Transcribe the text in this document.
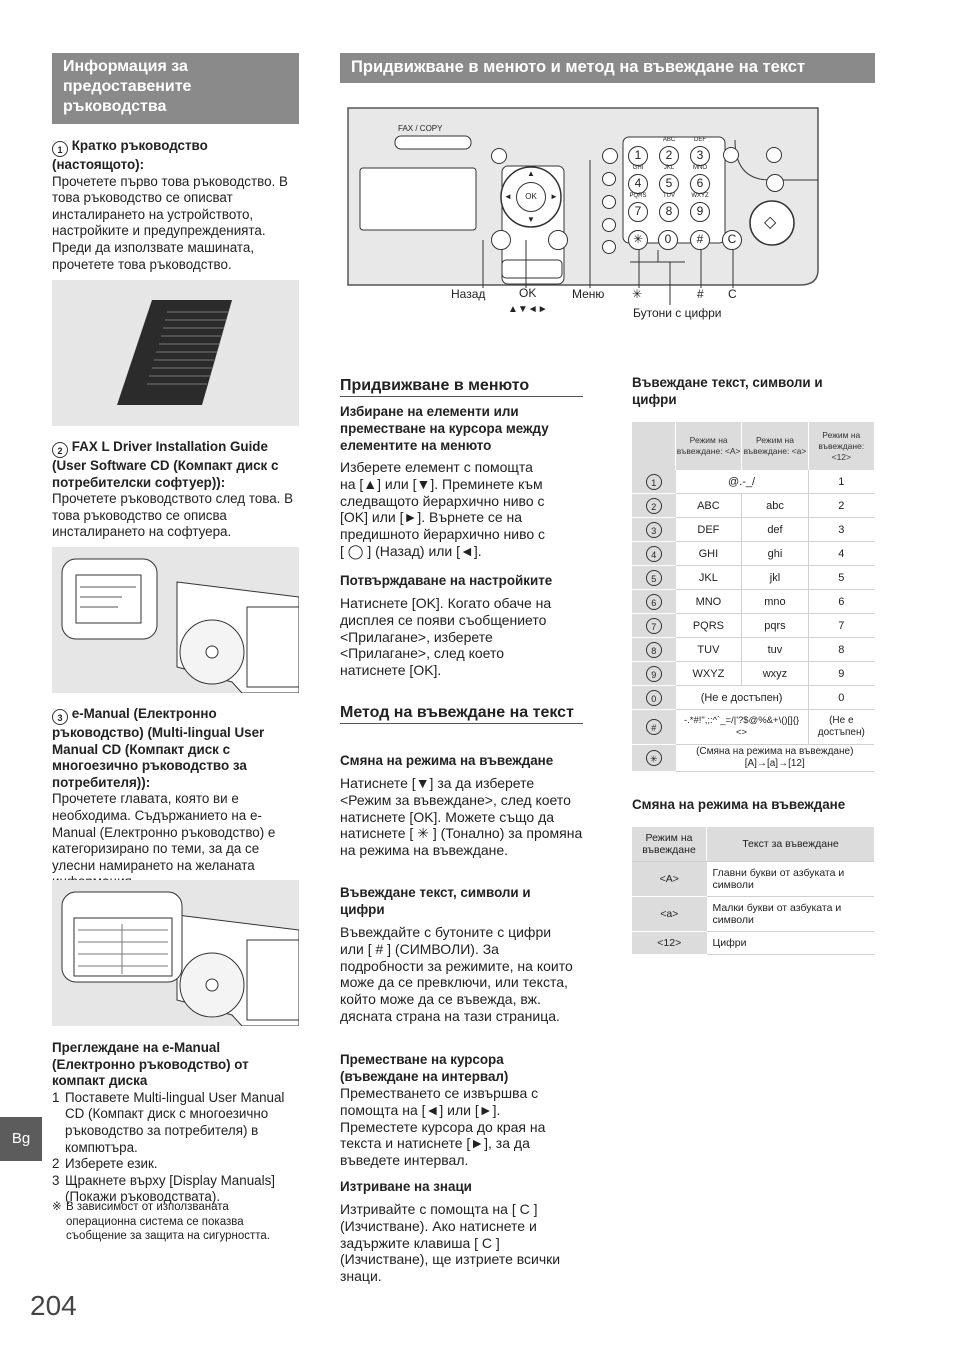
Информация за предоставените ръководства
1 Кратко ръководство (настоящото):
Прочетете първо това ръководство. В това ръководство се описват инсталирането на устройството, настройките и предупрежденията. Преди да използвате машината, прочетете това ръководство.
2 FAX L Driver Installation Guide (User Software CD (Компакт диск с потребителски софтуер)):
Прочетете ръководството след това. В това ръководство се описва инсталирането на софтуера.
3 e-Manual (Електронно ръководство) (Multi-lingual User Manual CD (Компакт диск с многоезично ръководство за потребителя)):
Прочетете главата, която ви е необходима. Съдържанието на e-Manual (Електронно ръководство) е категоризирано по теми, за да се улесни намирането на желаната
Преглеждане на e-Manual (Електронно ръководство) от компакт диска
1 Поставете Multi-lingual User Manual CD (Компакт диск с многоезично ръководство за потребителя) в компютъра.
2 Изберете език.
3 Щракнете върху [Display Manuals] (Покажи ръководствата).
※ В зависимост от използваната операционна система се показва съобщение за защита на сигурността.
Bg
204
Придвижване в менюто и метод на въвеждане на текст
FAX / COPY
OK
▲
▼
◄	►
1
ABC
2
DEF
3
GHI
4
JKL
5
MNO
6
PQRS
7
TUV
8
WXYZ
9
✳	0	#	C
◇
Назад	OK
▲▼◄►
Меню ✳	# C
Бутони с цифри
Придвижване в менюто
Избиране на елементи или преместване на курсора между елементите на менюто
Изберете елемент с помощта на [▲] или [▼]. Преминете към следващото йерархично ниво с [OK] или [►]. Върнете се на предишното йерархично ниво с [ ◯ ] (Назад) или [◄].
Потвърждаване на настройките
Натиснете [OK]. Когато обаче на дисплея се появи съобщението <Прилагане>, изберете <Прилагане>, след което натиснете [OK].
Метод на въвеждане на текст
Смяна на режима на въвеждане
Натиснете [▼] за да изберете <Режим за въвеждане>, след което натиснете [OK]. Можете също да натиснете [ ✳ ] (Тонално) за промяна на режима на въвеждане.
Въвеждане текст, символи и цифри
Въвеждайте с бутоните с цифри или [ # ] (СИМВОЛИ). За подробности за режимите, на които може да се превключи, или текста, който може да се въвежда, вж. дясната страна на тази страница.
Преместване на курсора (въвеждане на интервал)
Преместването се извършва с помощта на [◄] или [►]. Преместете курсора до края на текста и натиснете [►], за да въведете интервал.
Изтриване на знаци
Изтривайте с помощта на [ C ] (Изчистване). Ако натиснете и задържите клавиша [ C ] (Изчистване), ще изтриете всички знаци.
Въвеждане текст, символи и цифри
	Режим на въвеждане: <A>	Режим на въвеждане: <a>	Режим на въвеждане: <12>
1	@.-_/		1
2	ABC	abc	2
3	DEF	def	3
4	GHI	ghi	4
5	JKL	jkl	5
6	MNO	mno	6
7	PQRS	pqrs	7
8	TUV	tuv	8
9	WXYZ	wxyz	9
0	(Не е достъпен)		0
#	-.*#!",;:^`_=/|'?$@%&+\()[]{}<>		(Не е достъпен)
✳	(Смяна на режима на въвеждане) [A]→[a]→[12]		
Смяна на режима на въвеждане
Режим на въвеждане	Текст за въвеждане
<A>	Главни букви от азбуката и символи
<a>	Малки букви от азбуката и символи
<12>	Цифри
